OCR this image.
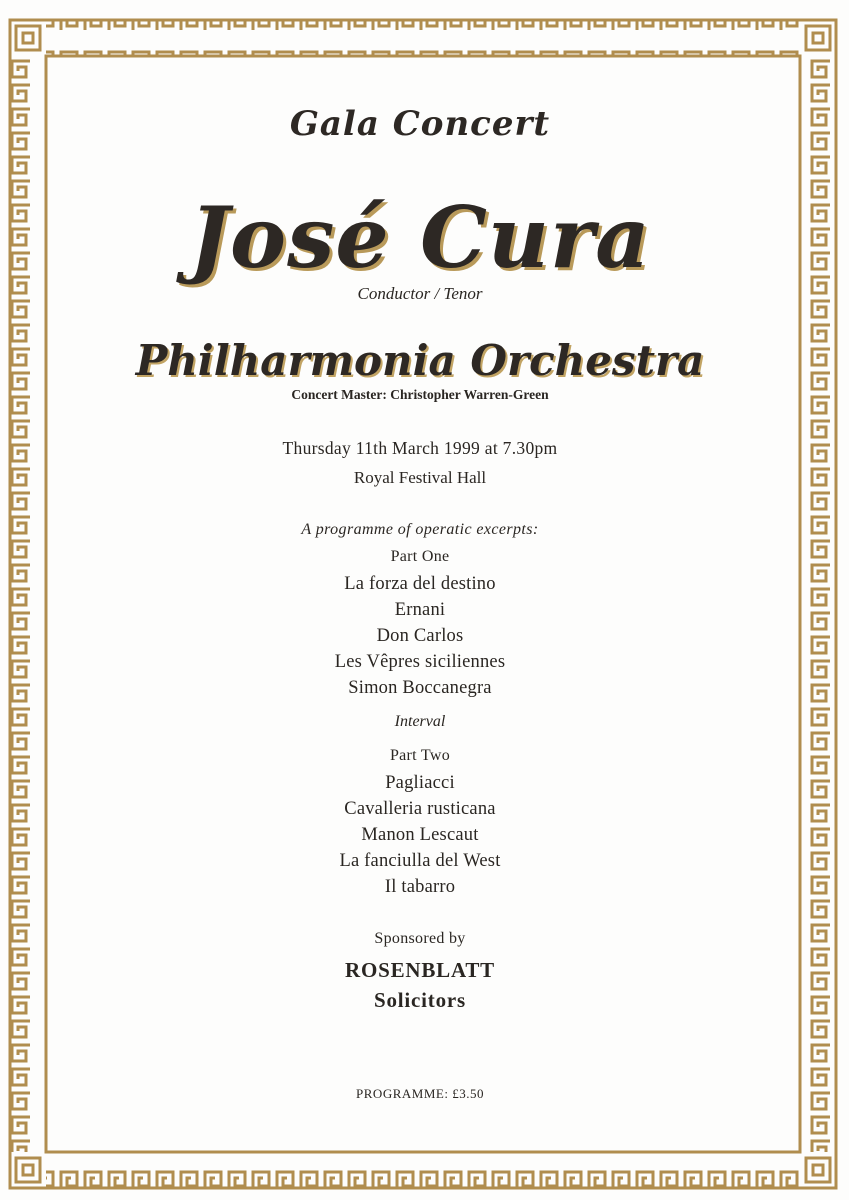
Gala Concert
José Cura
Conductor / Tenor
Philharmonia Orchestra
Concert Master: Christopher Warren-Green
Thursday 11th March 1999 at 7.30pm
Royal Festival Hall
A programme of operatic excerpts:
Part One
La forza del destino
Ernani
Don Carlos
Les Vêpres siciliennes
Simon Boccanegra
Interval
Part Two
Pagliacci
Cavalleria rusticana
Manon Lescaut
La fanciulla del West
Il tabarro
Sponsored by
ROSENBLATT
Solicitors
PROGRAMME: £3.50
